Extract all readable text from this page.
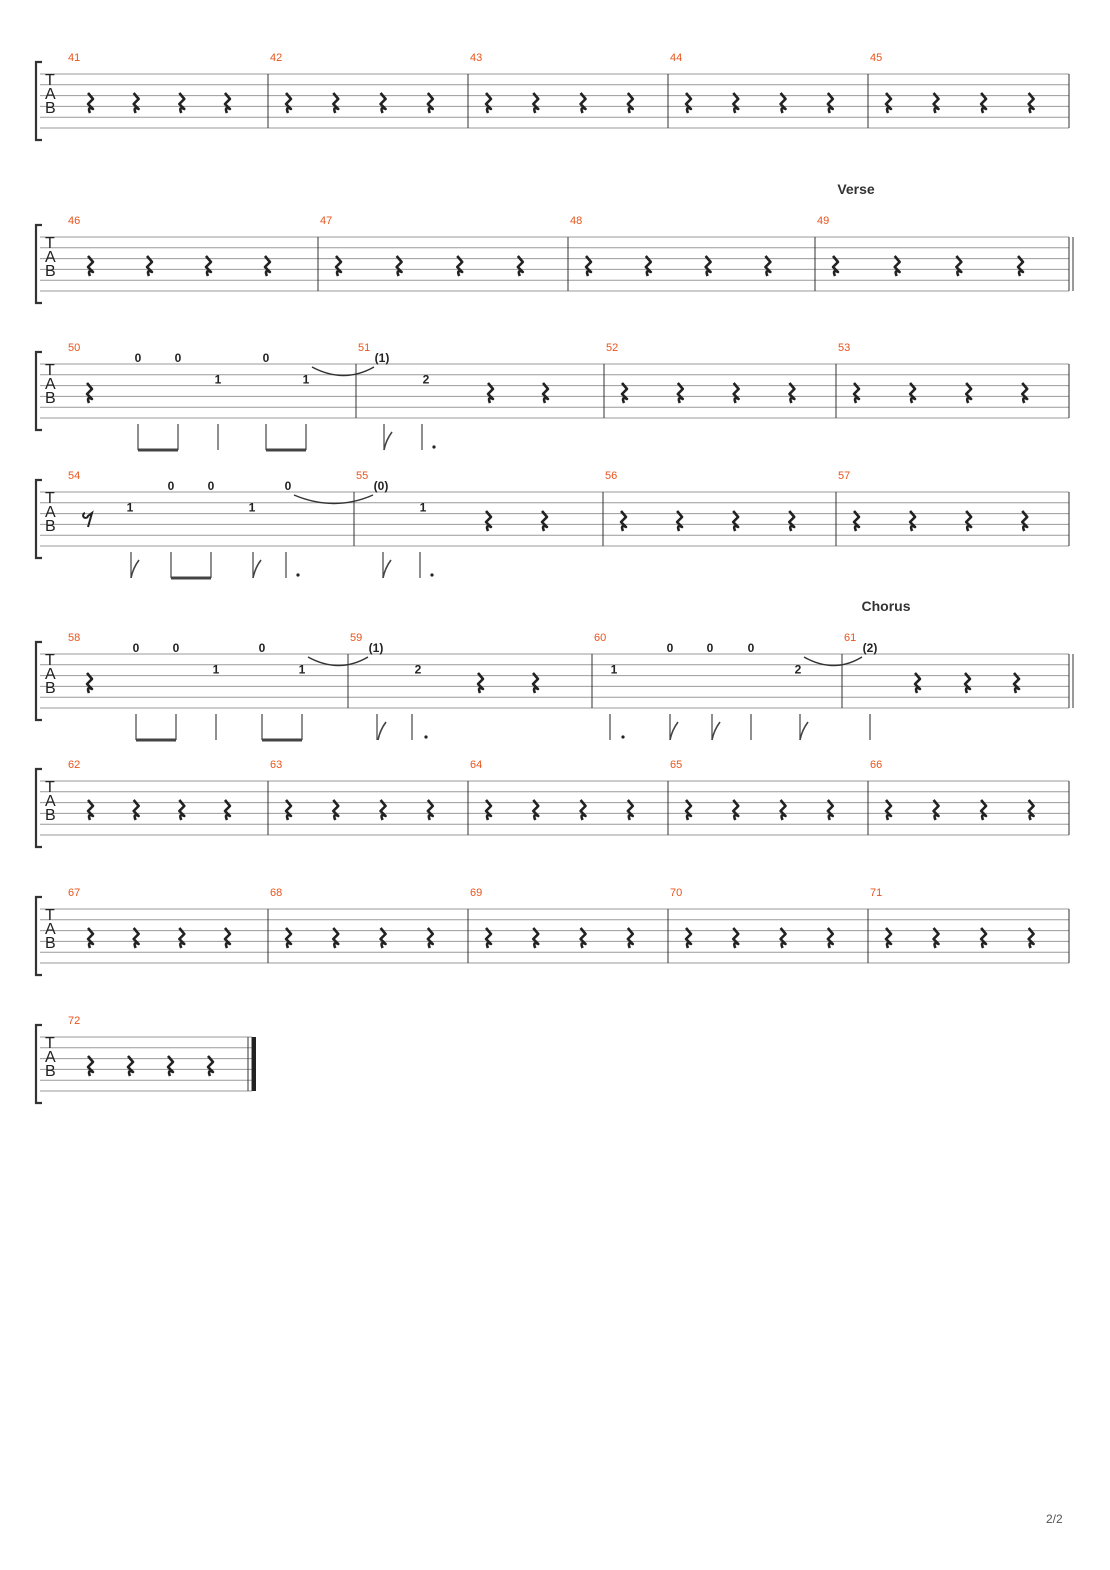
T
A
B
41	42	43	44	45
T
A
B
46	47	48	49
Verse
T
A
B
50
0	0
1
0
1
51
(1)
2
52	53
T
A
B
54
1
0	0
1
0
55
(0)
1
56	57
T
A
B
58
0	0
1
0
1
59
(1)
2
60
1
0	0	0
2
61
Chorus
(2)
T
A
B
62	63	64	65	66
T
A
B
67	68	69	70	71
T
A
B
72
2/2
